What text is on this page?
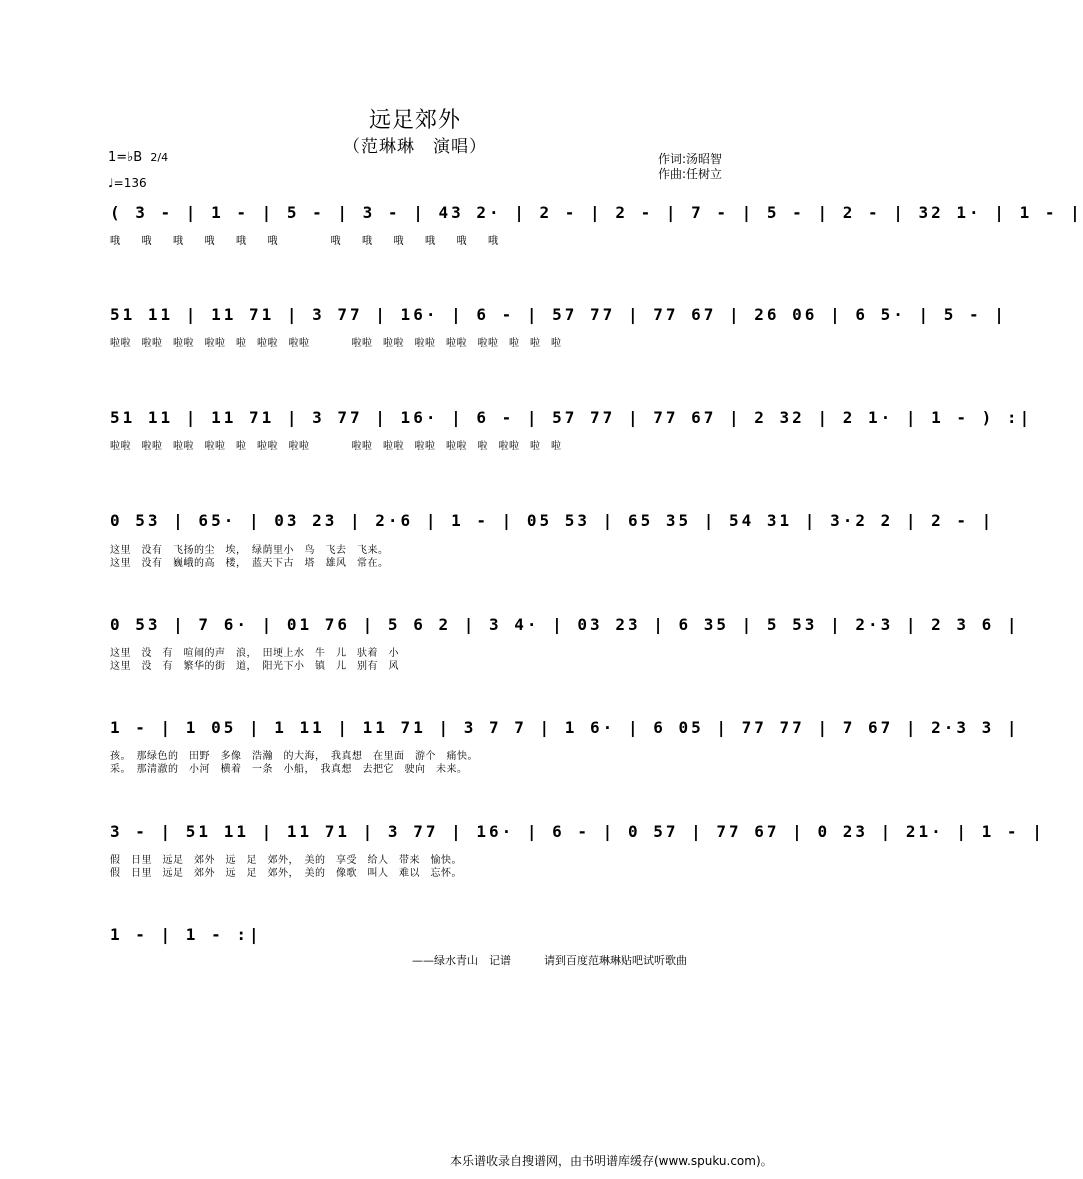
远足郊外
（范琳琳　演唱）
1=♭B 2/4
♩=136
作词:汤昭智
作曲:任树立
( 3 - | 1 - | 5 - | 3 - | 43 2· | 2 - | 2 - | 7 - | 5 - | 2 - | 32 1· | 1 - |
哦　　哦　　哦　　哦　　哦　　哦　　　　　哦　　哦　　哦　　哦　　哦　　哦
51 11 | 11 71 | 3 77 | 16· | 6 - | 57 77 | 77 67 | 26 06 | 6 5· | 5 - |
啦啦　啦啦　啦啦　啦啦　啦　啦啦　啦啦　　　　啦啦　啦啦　啦啦　啦啦　啦啦　啦　啦　啦
51 11 | 11 71 | 3 77 | 16· | 6 - | 57 77 | 77 67 | 2 32 | 2 1· | 1 - ) :|
啦啦　啦啦　啦啦　啦啦　啦　啦啦　啦啦　　　　啦啦　啦啦　啦啦　啦啦　啦　啦啦　啦　啦
0 53 | 65· | 03 23 | 2·6 | 1 - | 05 53 | 65 35 | 54 31 | 3·2 2 | 2 - |
这里　没有　飞扬的尘　埃，　绿荫里小　鸟　飞去　飞来。
这里　没有　巍峨的高　楼，　蓝天下古　塔　雄风　常在。
0 53 | 7 6· | 01 76 | 5 6 2 | 3 4· | 03 23 | 6 35 | 5 53 | 2·3 | 2 3 6 |
这里　没　有　喧闹的声　浪，　田埂上水　牛　儿　驮着　小
这里　没　有　繁华的街　道，　阳光下小　镇　儿　别有　风
1 - | 1 05 | 1 11 | 11 71 | 3 7 7 | 1 6· | 6 05 | 77 77 | 7 67 | 2·3 3 |
孩。　那绿色的　田野　多像　浩瀚　的大海，　我真想　在里面　游个　痛快。
采。　那清澈的　小河　横着　一条　小船，　我真想　去把它　驶向　未来。
3 - | 51 11 | 11 71 | 3 77 | 16· | 6 - | 0 57 | 77 67 | 0 23 | 21· | 1 - |
假　日里　远足　郊外　远　足　郊外，　美的　享受　给人　带来　愉快。
假　日里　远足　郊外　远　足　郊外，　美的　像歌　叫人　难以　忘怀。
1 - | 1 - :|
——绿水青山　记谱　　　请到百度范琳琳贴吧试听歌曲
本乐谱收录自搜谱网，由书明谱库缓存(www.spuku.com)。
